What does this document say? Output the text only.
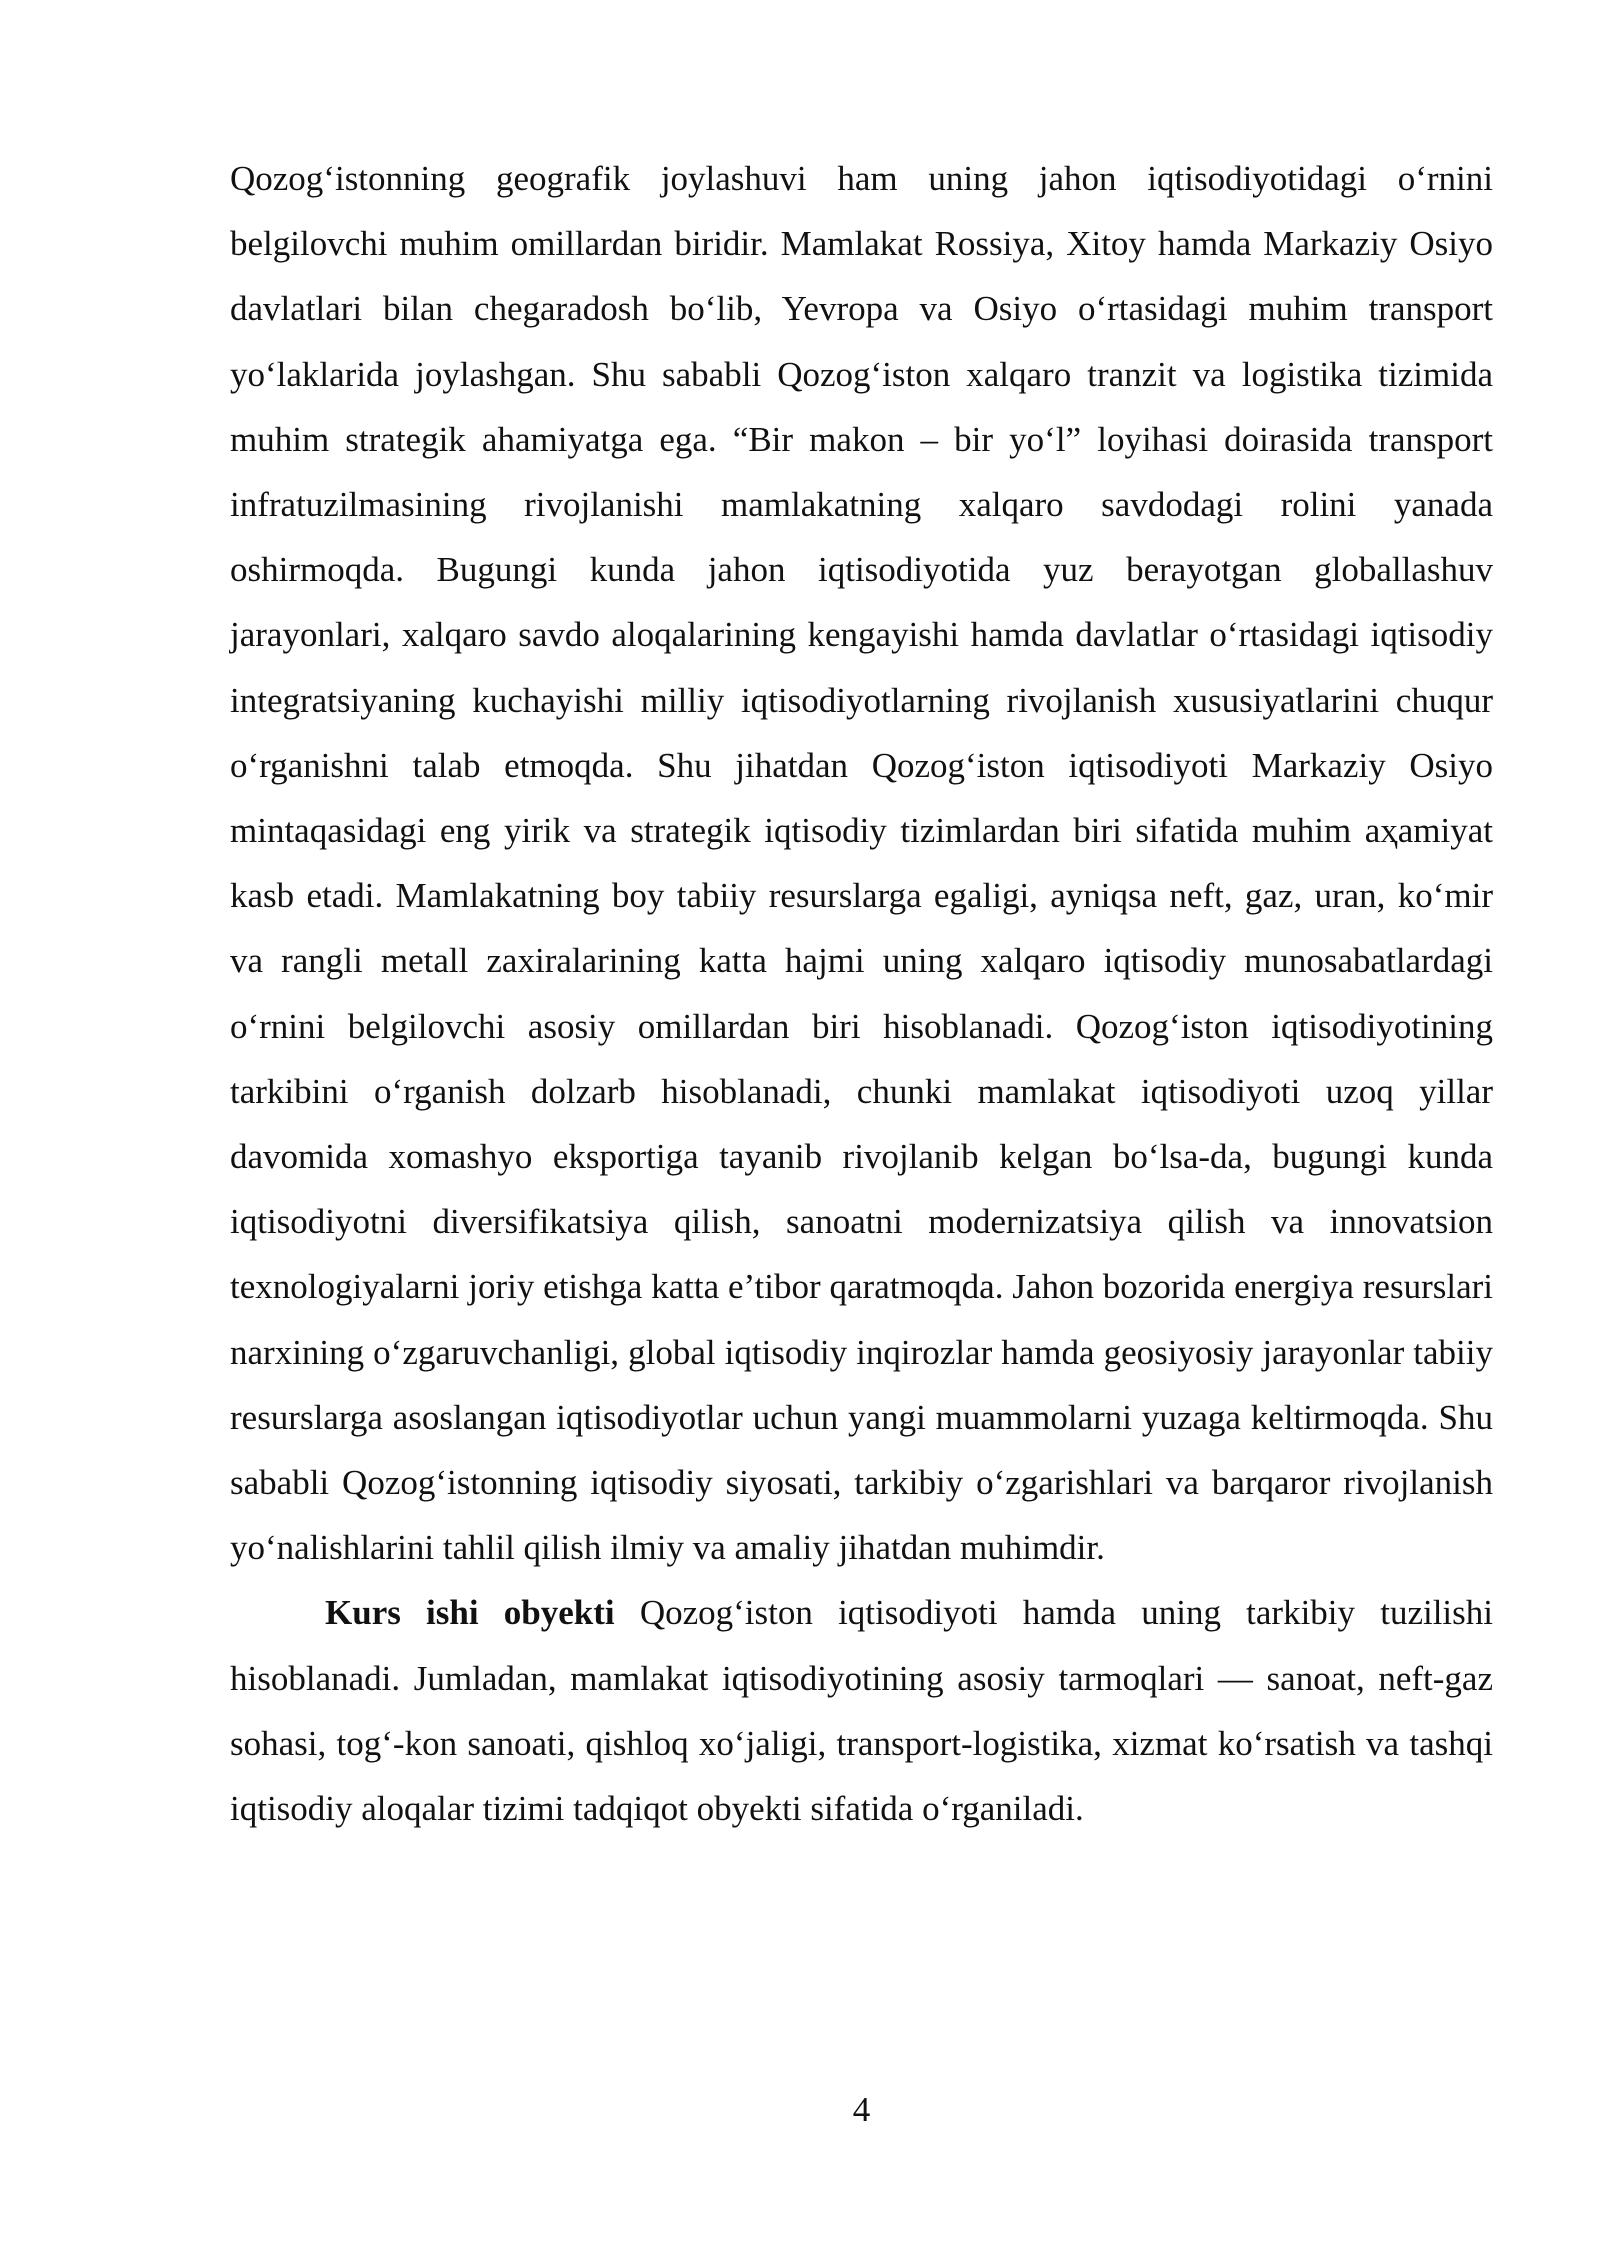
Qozog‘istonning geografik joylashuvi ham uning jahon iqtisodiyotidagi o‘rnini belgilovchi muhim omillardan biridir. Mamlakat Rossiya, Xitoy hamda Markaziy Osiyo davlatlari bilan chegaradosh bo‘lib, Yevropa va Osiyo o‘rtasidagi muhim transport yo‘laklarida joylashgan. Shu sababli Qozog‘iston xalqaro tranzit va logistika tizimida muhim strategik ahamiyatga ega. “Bir makon – bir yo‘l” loyihasi doirasida transport infratuzilmasining rivojlanishi mamlakatning xalqaro savdodagi rolini yanada oshirmoqda. Bugungi kunda jahon iqtisodiyotida yuz berayotgan globallashuv jarayonlari, xalqaro savdo aloqalarining kengayishi hamda davlatlar o‘rtasidagi iqtisodiy integratsiyaning kuchayishi milliy iqtisodiyotlarning rivojlanish xususiyatlarini chuqur o‘rganishni talab etmoqda. Shu jihatdan Qozog‘iston iqtisodiyoti Markaziy Osiyo mintaqasidagi eng yirik va strategik iqtisodiy tizimlardan biri sifatida muhim aҳamiyat kasb etadi. Mamlakatning boy tabiiy resurslarga egaligi, ayniqsa neft, gaz, uran, ko‘mir va rangli metall zaxiralarining katta hajmi uning xalqaro iqtisodiy munosabatlardagi o‘rnini belgilovchi asosiy omillardan biri hisoblanadi. Qozog‘iston iqtisodiyotining tarkibini o‘rganish dolzarb hisoblanadi, chunki mamlakat iqtisodiyoti uzoq yillar davomida xomashyo eksportiga tayanib rivojlanib kelgan bo‘lsa-da, bugungi kunda iqtisodiyotni diversifikatsiya qilish, sanoatni modernizatsiya qilish va innovatsion texnologiyalarni joriy etishga katta e’tibor qaratmoqda. Jahon bozorida energiya resurslari narxining o‘zgaruvchanligi, global iqtisodiy inqirozlar hamda geosiyosiy jarayonlar tabiiy resurslarga asoslangan iqtisodiyotlar uchun yangi muammolarni yuzaga keltirmoqda. Shu sababli Qozog‘istonning iqtisodiy siyosati, tarkibiy o‘zgarishlari va barqaror rivojlanish yo‘nalishlarini tahlil qilish ilmiy va amaliy jihatdan muhimdir.

Kurs ishi obyekti Qozog‘iston iqtisodiyoti hamda uning tarkibiy tuzilishi hisoblanadi. Jumladan, mamlakat iqtisodiyotining asosiy tarmoqlari — sanoat, neft-gaz sohasi, tog‘-kon sanoati, qishloq xo‘jaligi, transport-logistika, xizmat ko‘rsatish va tashqi iqtisodiy aloqalar tizimi tadqiqot obyekti sifatida o‘rganiladi.

4
